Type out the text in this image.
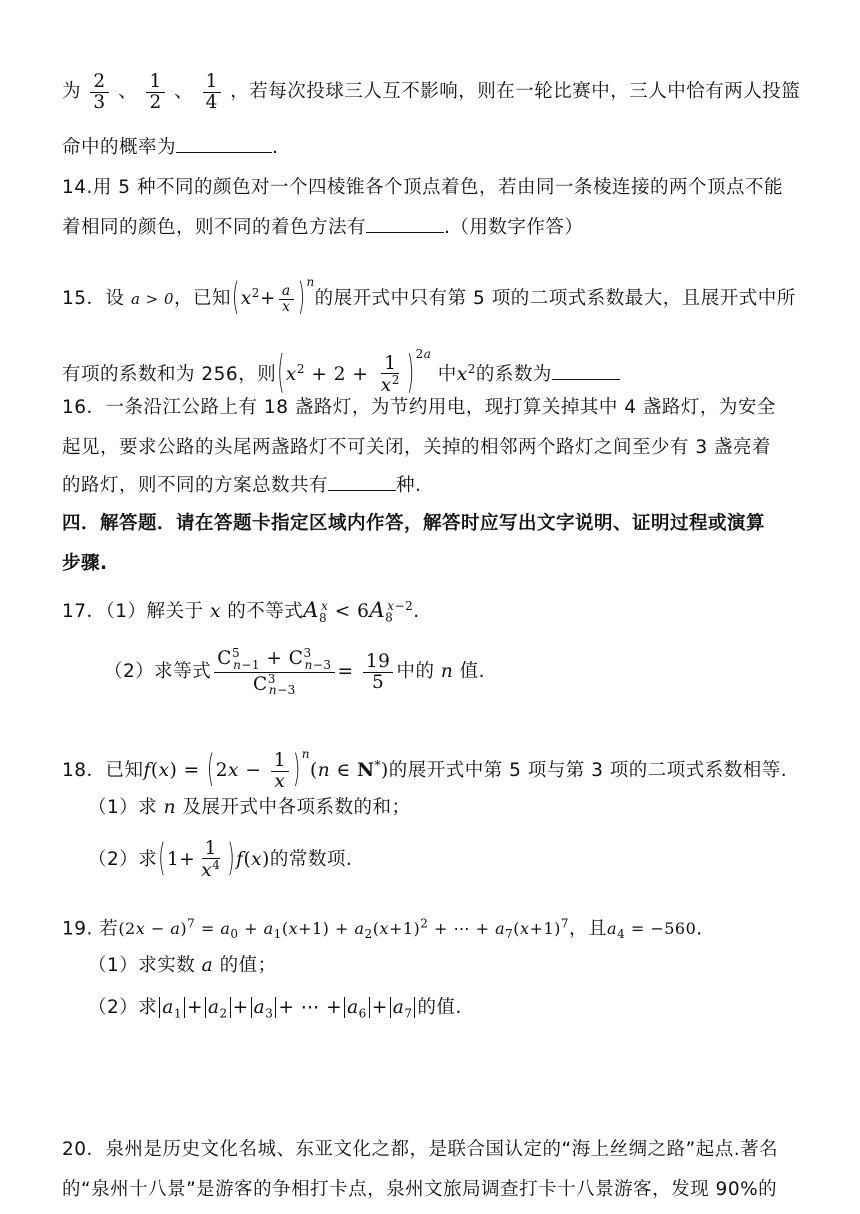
为 $\frac{2}{3}$ 、 $\frac{1}{2}$ 、 $\frac{1}{4}$ ，若每次投球三人互不影响，则在一轮比赛中，三人中恰有两人投篮
命中的概率为	.
14.用 5 种不同的颜色对一个四棱锥各个顶点着色，若由同一条棱连接的两个顶点不能
着相同的颜色，则不同的着色方法有	.（用数字作答）
15．设 a > 0，已知$(x^2+ \frac{a}{x} )^n$的展开式中只有第 5 项的二项式系数最大，且展开式中所
有项的系数和为 256，则$(x^2 + 2 + \frac{1}{x^2} )^{2a}$ 中$x^2$的系数为
16．一条沿江公路上有 18 盏路灯，为节约用电，现打算关掉其中 4 盏路灯，为安全
起见，要求公路的头尾两盏路灯不可关闭，关掉的相邻两个路灯之间至少有 3 盏亮着
的路灯，则不同的方案总数共有	种.
四．解答题．请在答题卡指定区域内作答，解答时应写出文字说明、证明过程或演算
步骤.
17．（1）解关于 x 的不等式$A_8^x < 6A_8^{x-2}$.
（2）求等式 $\frac{C^5_{n-1} + C^3_{n-3}}{C^3_{n-3}} = \frac{19}{5}$ 中的 n 值.
18．已知$f(x) = (2x - \frac{1}{x} )^n(n$ ∈ N*)的展开式中第 5 项与第 3 项的二项式系数相等.
（1）求 n 及展开式中各项系数的和；
（2）求$(1+ \frac{1}{x^4} )f(x)$的常数项.
19. 若$(2x - a)^7 = a_0 + a_1(x+1) + a_2(x+1)^2$ + ⋯ + $a_7(x+1)^7$，且$a_4 = -560$.
（1）求实数 a 的值；
（2）求 $a_1 + a_2 + a_3$ + ⋯ + $a_6 + a_7$ 的值.
20．泉州是历史文化名城、东亚文化之都，是联合国认定的“海上丝绸之路”起点.著名
的“泉州十八景”是游客的争相打卡点，泉州文旅局调查打卡十八景游客，发现 90%的
